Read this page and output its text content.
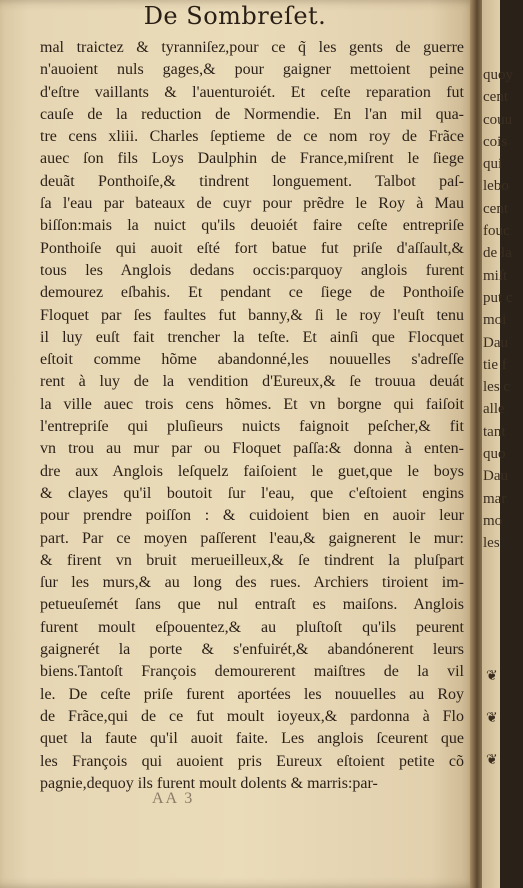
De Sombreſet.
mal traictez & tyranniſez,pour ce q̃ les gents de guerre
n'auoient nuls gages,& pour gaigner mettoient peine
d'eſtre vaillants & l'auenturoiét. Et ceſte reparation fut
cauſe de la reduction de Normendie. En l'an mil qua-
tre cens xliii. Charles ſeptieme de ce nom roy de Frãce
auec ſon fils Loys Daulphin de France,miſrent le ſiege
deuãt Ponthoiſe,& tindrent longuement. Talbot paſ-
ſa l'eau par bateaux de cuyr pour prẽdre le Roy à Mau
biſſon:mais la nuict qu'ils deuoiét faire ceſte entrepriſe
Ponthoiſe qui auoit eſté fort batue fut priſe d'aſſault,&
tous les Anglois dedans occis:parquoy anglois furent
demourez eſbahis. Et pendant ce ſiege de Ponthoiſe
Floquet par ſes faultes fut banny,& ſi le roy l'euſt tenu
il luy euſt fait trencher la teſte. Et ainſi que Flocquet
eſtoit comme hõme abandonné,les nouuelles s'adreſſe
rent à luy de la vendition d'Eureux,& ſe trouua deuát
la ville auec trois cens hõmes. Et vn borgne qui faiſoit
l'entrepriſe qui pluſieurs nuicts faignoit peſcher,& fit
vn trou au mur par ou Floquet paſſa:& donna à enten-
dre aux Anglois leſquelz faiſoient le guet,que le boys
& clayes qu'il boutoit ſur l'eau, que c'eſtoient engins
pour prendre poiſſon : & cuidoient bien en auoir leur
part. Par ce moyen paſſerent l'eau,& gaignerent le mur:
& firent vn bruit merueilleux,& ſe tindrent la pluſpart
ſur les murs,& au long des rues. Archiers tiroient im-
petueuſemét ſans que nul entraſt es maiſons. Anglois
furent moult eſpouentez,& au pluſtoſt qu'ils peurent
gaignerét la porte & s'enfuirét,& abandónerent leurs
biens.Tantoſt François demourerent maiſtres de la vil
le. De ceſte priſe furent aportées les nouuelles au Roy
de Frãce,qui de ce fut moult ioyeux,& pardonna à Flo
quet la faute qu'il auoit faite. Les anglois ſceurent que
les François qui auoient pris Eureux eſtoient petite cõ
pagnie,dequoy ils furent moult dolents & marris:par-
AA 3
quoy
cent
couu
cois
qui
lebo
cent
fouc
de la
miſt
put c
moi
Dau
tie f
les c
alle
tant
quo
Dau
mar
mo
les
❦
❦
❦
